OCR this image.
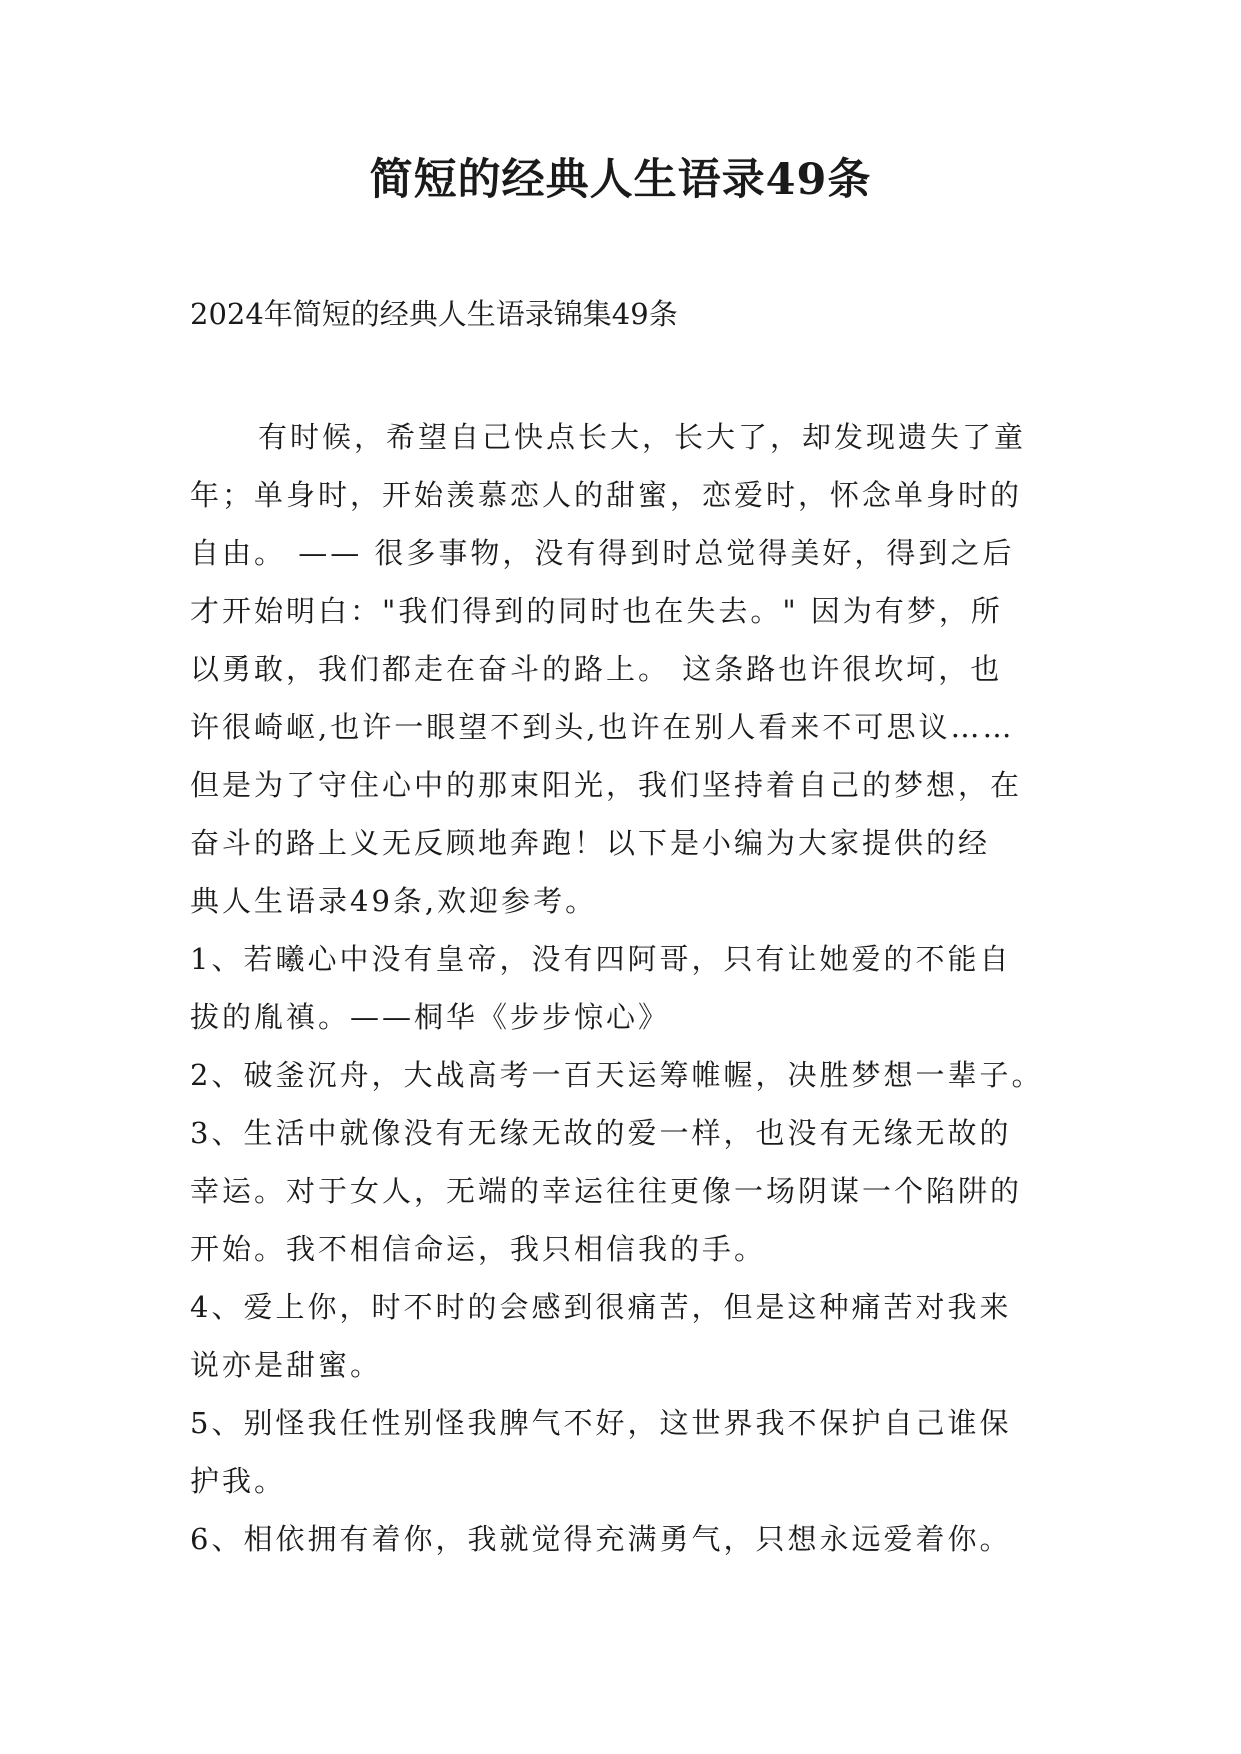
简短的经典人生语录49条
2024年简短的经典人生语录锦集49条
有时候，希望自己快点长大，长大了，却发现遗失了童
年；单身时，开始羡慕恋人的甜蜜，恋爱时，怀念单身时的
自由。 —— 很多事物，没有得到时总觉得美好，得到之后
才开始明白："我们得到的同时也在失去。" 因为有梦，所
以勇敢，我们都走在奋斗的路上。 这条路也许很坎坷，也
许很崎岖,也许一眼望不到头,也许在别人看来不可思议……
但是为了守住心中的那束阳光，我们坚持着自己的梦想，在
奋斗的路上义无反顾地奔跑！以下是小编为大家提供的经
典人生语录49条,欢迎参考。
1、若曦心中没有皇帝，没有四阿哥，只有让她爱的不能自
拔的胤禛。——桐华《步步惊心》
2、破釜沉舟，大战高考一百天运筹帷幄，决胜梦想一辈子。
3、生活中就像没有无缘无故的爱一样，也没有无缘无故的
幸运。对于女人，无端的幸运往往更像一场阴谋一个陷阱的
开始。我不相信命运，我只相信我的手。
4、爱上你，时不时的会感到很痛苦，但是这种痛苦对我来
说亦是甜蜜。
5、别怪我任性别怪我脾气不好，这世界我不保护自己谁保
护我。
6、相依拥有着你，我就觉得充满勇气，只想永远爱着你。
